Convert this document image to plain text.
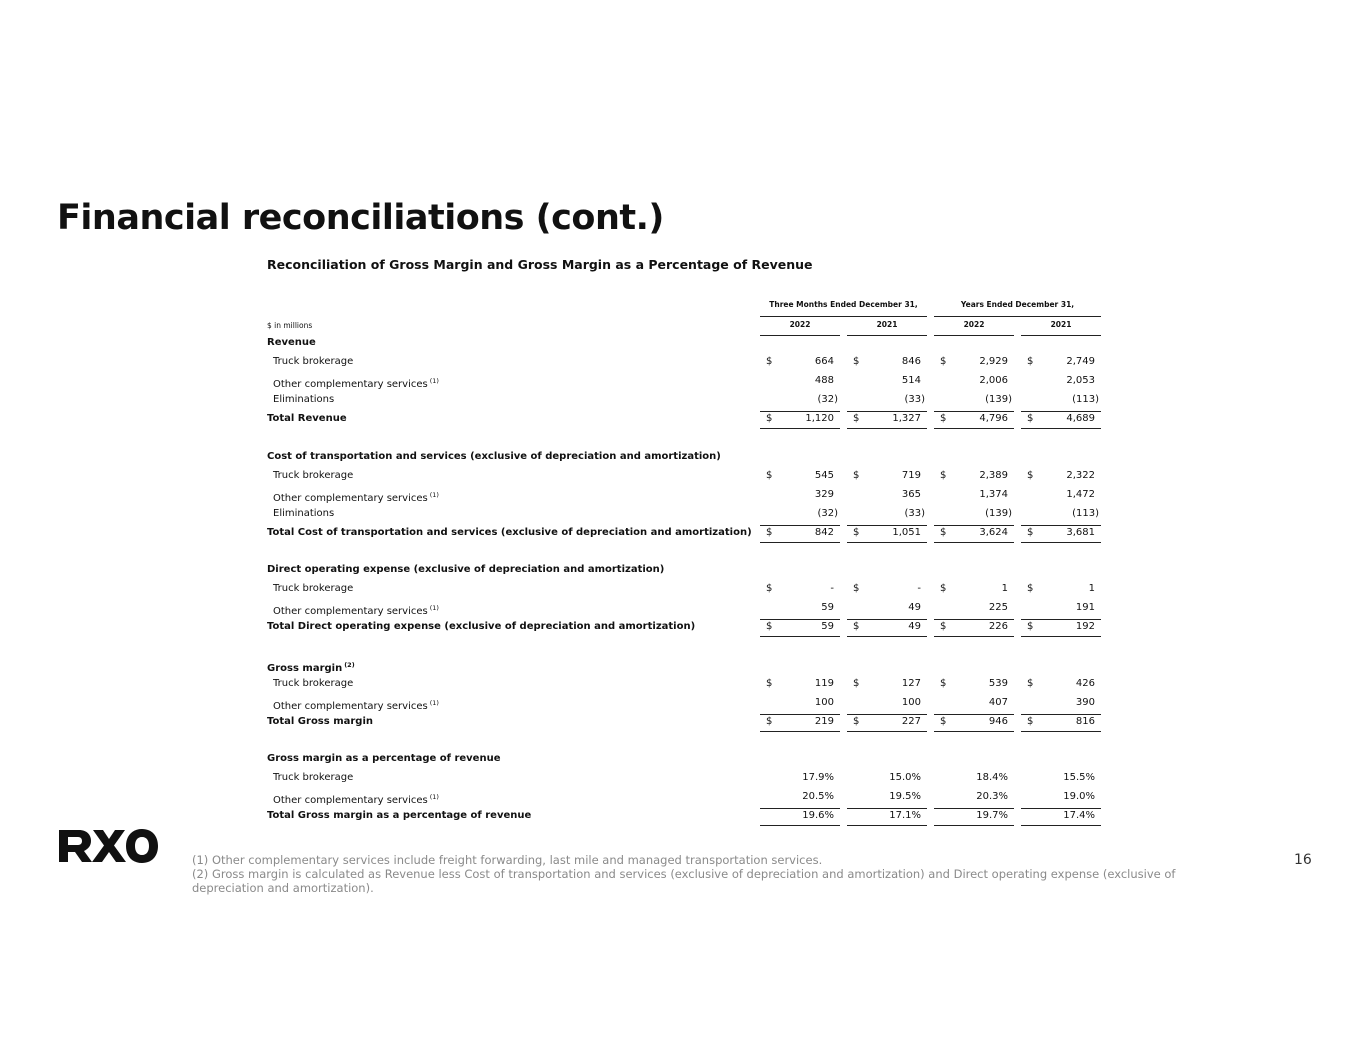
Financial reconciliations (cont.)
Reconciliation of Gross Margin and Gross Margin as a Percentage of Revenue
Three Months Ended December 31,	Years Ended December 31,
$ in millions	2022	2021	2022	2021
Revenue
Truck brokerage	$	664 $	846 $	2,929 $	2,749
Other complementary services $^{(1)}$	488	514	2,006	2,053
Eliminations	(32)	(33)	(139)	(113)
Total Revenue	$	1,120 $	1,327 $	4,796 $	4,689
Cost of transportation and services (exclusive of depreciation and amortization)
Truck brokerage	$	545 $	719 $	2,389 $	2,322
Other complementary services $^{(1)}$	329	365	1,374	1,472
Eliminations	(32)	(33)	(139)	(113)
Total Cost of transportation and services (exclusive of depreciation and amortization) $	842 $	1,051 $	3,624 $	3,681
Direct operating expense (exclusive of depreciation and amortization)
Truck brokerage	$	- $	- $	1 $	1
Other complementary services $^{(1)}$	59	49	225	191
Total Direct operating expense (exclusive of depreciation and amortization)	$	59 $	49 $	226 $	192
Gross margin $^{(2)}$
Truck brokerage	$	119 $	127 $	539 $	426
Other complementary services $^{(1)}$	100	100	407	390
Total Gross margin	$	219 $	227 $	946 $	816
Gross margin as a percentage of revenue
Truck brokerage	17.9%	15.0%	18.4%	15.5%
Other complementary services $^{(1)}$	20.5%	19.5%	20.3%	19.0%
Total Gross margin as a percentage of revenue	19.6%	17.1%	19.7%	17.4%

(1) Other complementary services include freight forwarding, last mile and managed transportation services.

(2) Gross margin is calculated as Revenue less Cost of transportation and services (exclusive of depreciation and amortization) and Direct operating expense (exclusive of depreciation and amortization).

16
